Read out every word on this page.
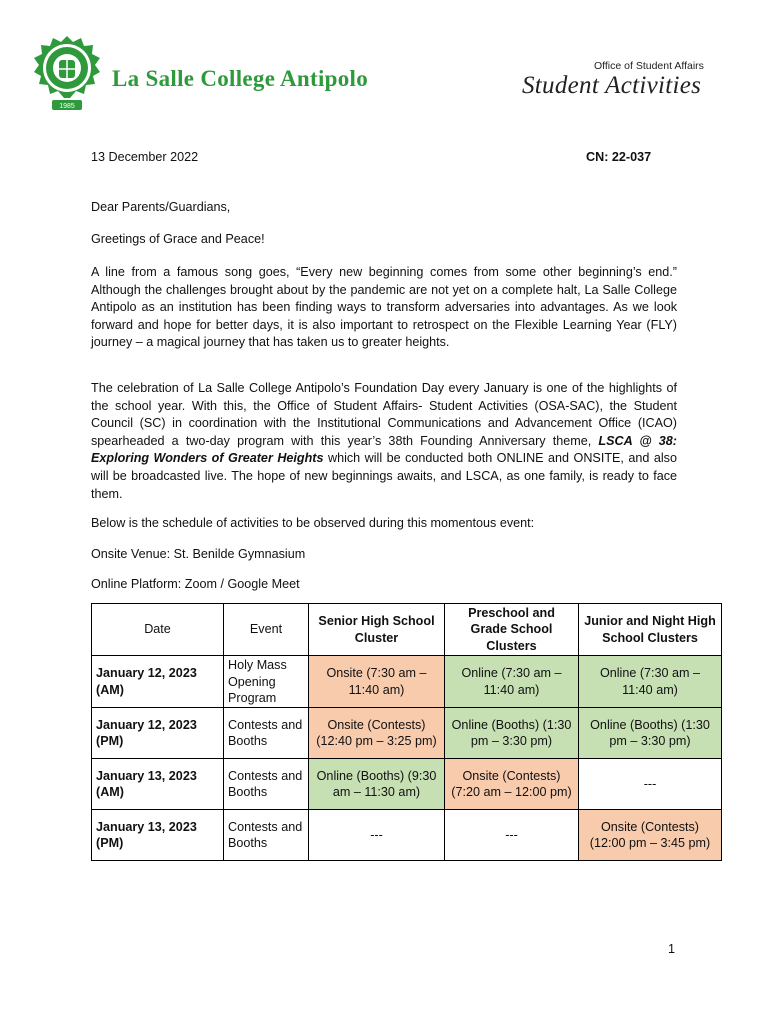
1985
La Salle College Antipolo	Office of Student Affairs
Student Activities
13 December 2022	CN: 22-037
Dear Parents/Guardians,
Greetings of Grace and Peace!
A line from a famous song goes, “Every new beginning comes from some other beginning’s end.” Although the challenges brought about by the pandemic are not yet on a complete halt, La Salle College Antipolo as an institution has been finding ways to transform adversaries into advantages. As we look forward and hope for better days, it is also important to retrospect on the Flexible Learning Year (FLY) journey – a magical journey that has taken us to greater heights.
The celebration of La Salle College Antipolo’s Foundation Day every January is one of the highlights of the school year. With this, the Office of Student Affairs- Student Activities (OSA-SAC), the Student Council (SC) in coordination with the Institutional Communications and Advancement Office (ICAO) spearheaded a two-day program with this year’s 38th Founding Anniversary theme, LSCA @ 38: Exploring Wonders of Greater Heights which will be conducted both ONLINE and ONSITE, and also will be broadcasted live. The hope of new beginnings awaits, and LSCA, as one family, is ready to face them.
Below is the schedule of activities to be observed during this momentous event:
Onsite Venue: St. Benilde Gymnasium
Online Platform: Zoom / Google Meet
Date	Event	Senior High School Cluster	Preschool and Grade School Clusters	Junior and Night High School Clusters
January 12, 2023 (AM)	Holy Mass Opening Program	Onsite (7:30 am – 11:40 am)	Online (7:30 am – 11:40 am)	Online (7:30 am – 11:40 am)
January 12, 2023 (PM)	Contests and Booths	Onsite (Contests) (12:40 pm – 3:25 pm)	Online (Booths) (1:30 pm – 3:30 pm)	Online (Booths) (1:30 pm – 3:30 pm)
January 13, 2023 (AM)	Contests and Booths	Online (Booths) (9:30 am – 11:30 am)	Onsite (Contests) (7:20 am – 12:00 pm)	---
January 13, 2023 (PM)	Contests and Booths	---	---	Onsite (Contests) (12:00 pm – 3:45 pm)
1
